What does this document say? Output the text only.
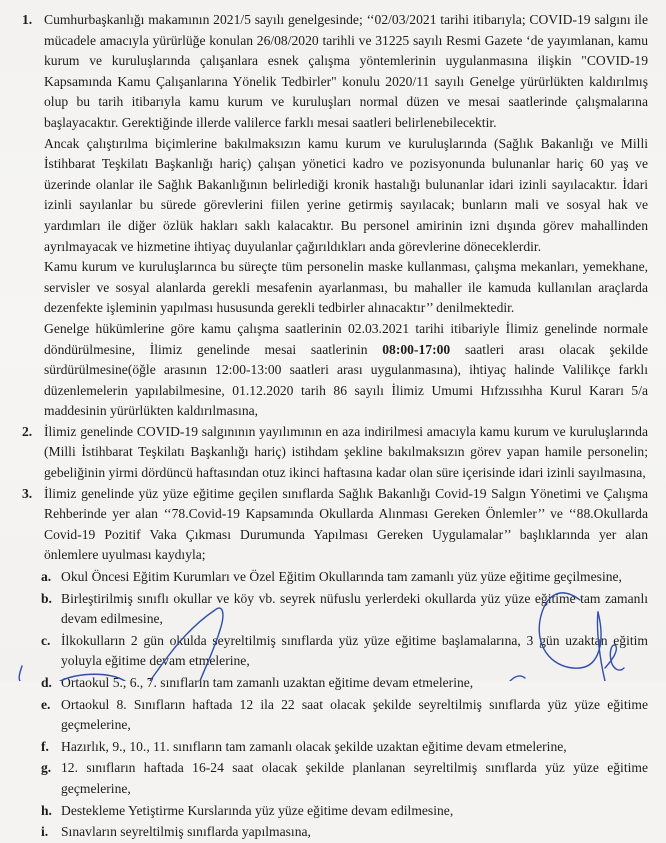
1. Cumhurbaşkanlığı makamının 2021/5 sayılı genelgesinde; ‘‘02/03/2021 tarihi itibarıyla; COVID-19 salgını ile mücadele amacıyla yürürlüğe konulan 26/08/2020 tarihli ve 31225 sayılı Resmi Gazete ‘de yayımlanan, kamu kurum ve kuruluşlarında çalışanlara esnek çalışma yöntemlerinin uygulanmasına ilişkin "COVID-19 Kapsamında Kamu Çalışanlarına Yönelik Tedbirler" konulu 2020/11 sayılı Genelge yürürlükten kaldırılmış olup bu tarih itibarıyla kamu kurum ve kuruluşları normal düzen ve mesai saatlerinde çalışmalarına başlayacaktır. Gerektiğinde illerde valilerce farklı mesai saatleri belirlenebilecektir.
Ancak çalıştırılma biçimlerine bakılmaksızın kamu kurum ve kuruluşlarında (Sağlık Bakanlığı ve Milli İstihbarat Teşkilatı Başkanlığı hariç) çalışan yönetici kadro ve pozisyonunda bulunanlar hariç 60 yaş ve üzerinde olanlar ile Sağlık Bakanlığının belirlediği kronik hastalığı bulunanlar idari izinli sayılacaktır. İdari izinli sayılanlar bu sürede görevlerini fiilen yerine getirmiş sayılacak; bunların mali ve sosyal hak ve yardımları ile diğer özlük hakları saklı kalacaktır. Bu personel amirinin izni dışında görev mahallinden ayrılmayacak ve hizmetine ihtiyaç duyulanlar çağırıldıkları anda görevlerine döneceklerdir.
Kamu kurum ve kuruluşlarınca bu süreçte tüm personelin maske kullanması, çalışma mekanları, yemekhane, servisler ve sosyal alanlarda gerekli mesafenin ayarlanması, bu mahaller ile kamuda kullanılan araçlarda dezenfekte işleminin yapılması hususunda gerekli tedbirler alınacaktır’’ denilmektedir.
Genelge hükümlerine göre kamu çalışma saatlerinin 02.03.2021 tarihi itibariyle İlimiz genelinde normale döndürülmesine, İlimiz genelinde mesai saatlerinin 08:00-17:00 saatleri arası olacak şekilde sürdürülmesine(öğle arasının 12:00-13:00 saatleri arası uygulanmasına), ihtiyaç halinde Valilikçe farklı düzenlemelerin yapılabilmesine, 01.12.2020 tarih 86 sayılı İlimiz Umumi Hıfzıssıhha Kurul Kararı 5/a maddesinin yürürlükten kaldırılmasına,
2. İlimiz genelinde COVID-19 salgınının yayılımının en aza indirilmesi amacıyla kamu kurum ve kuruluşlarında (Milli İstihbarat Teşkilatı Başkanlığı hariç) istihdam şekline bakılmaksızın görev yapan hamile personelin; gebeliğinin yirmi dördüncü haftasından otuz ikinci haftasına kadar olan süre içerisinde idari izinli sayılmasına,
3. İlimiz genelinde yüz yüze eğitime geçilen sınıflarda Sağlık Bakanlığı Covid-19 Salgın Yönetimi ve Çalışma Rehberinde yer alan ‘‘78.Covid-19 Kapsamında Okullarda Alınması Gereken Önlemler’’ ve ‘‘88.Okullarda Covid-19 Pozitif Vaka Çıkması Durumunda Yapılması Gereken Uygulamalar’’ başlıklarında yer alan önlemlere uyulması kaydıyla;
a. Okul Öncesi Eğitim Kurumları ve Özel Eğitim Okullarında tam zamanlı yüz yüze eğitime geçilmesine,
b. Birleştirilmiş sınıflı okullar ve köy vb. seyrek nüfuslu yerlerdeki okullarda yüz yüze eğitime tam zamanlı devam edilmesine,
c. İlkokulların 2 gün okulda seyreltilmiş sınıflarda yüz yüze eğitime başlamalarına, 3 gün uzaktan eğitim yoluyla eğitime devam etmelerine,
d. Ortaokul 5., 6., 7. sınıfların tam zamanlı uzaktan eğitime devam etmelerine,
e. Ortaokul 8. Sınıfların haftada 12 ila 22 saat olacak şekilde seyreltilmiş sınıflarda yüz yüze eğitime geçmelerine,
f. Hazırlık, 9., 10., 11. sınıfların tam zamanlı olacak şekilde uzaktan eğitime devam etmelerine,
g. 12. sınıfların haftada 16-24 saat olacak şekilde planlanan seyreltilmiş sınıflarda yüz yüze eğitime geçmelerine,
h. Destekleme Yetiştirme Kurslarında yüz yüze eğitime devam edilmesine,
i. Sınavların seyreltilmiş sınıflarda yapılmasına,
